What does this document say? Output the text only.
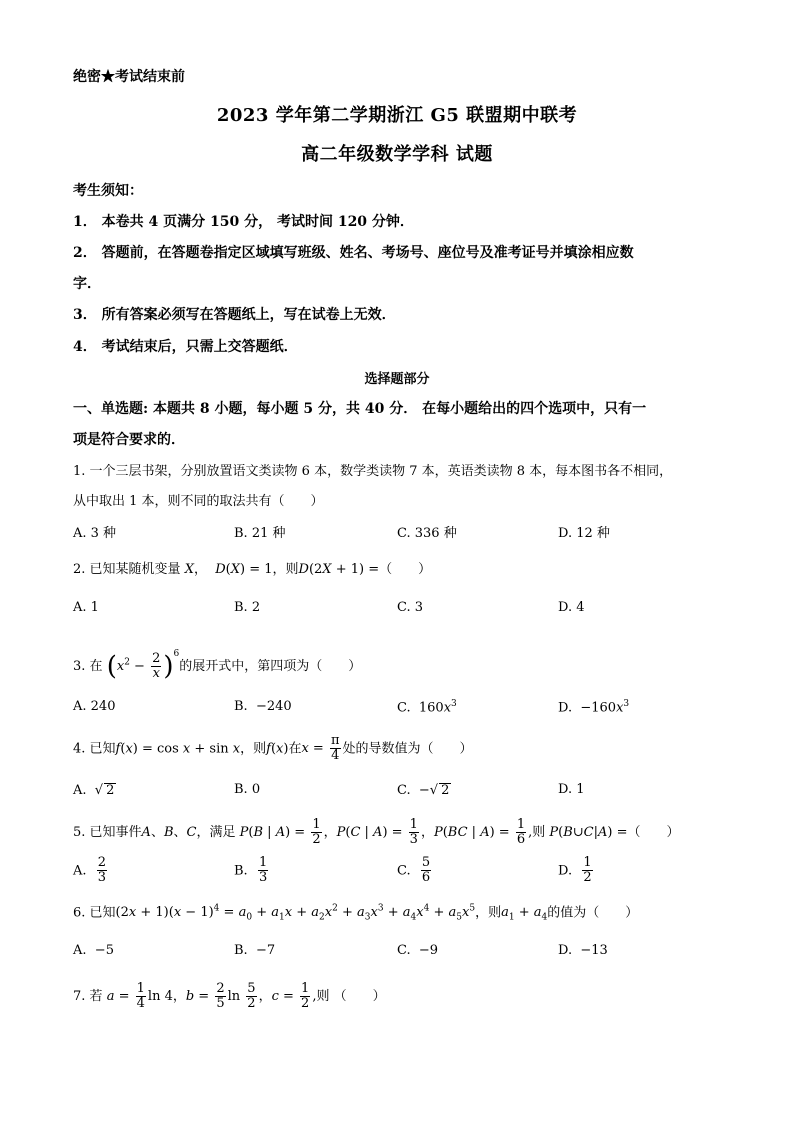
绝密★考试结束前
2023 学年第二学期浙江 G5 联盟期中联考
高二年级数学学科 试题
考生须知：
1． 本卷共 4 页满分 150 分， 考试时间 120 分钟．
2． 答题前，在答题卷指定区域填写班级、姓名、考场号、座位号及准考证号并填涂相应数
字．
3． 所有答案必须写在答题纸上，写在试卷上无效．
4． 考试结束后，只需上交答题纸．
选择题部分
一、单选题: 本题共 8 小题，每小题 5 分，共 40 分． 在每小题给出的四个选项中，只有一
项是符合要求的．
1. 一个三层书架，分别放置语文类读物 6 本，数学类读物 7 本，英语类读物 8 本，每本图书各不相同，
从中取出 1 本，则不同的取法共有（　　）
A. 3 种	B. 21 种	C. 336 种	D. 12 种
2. 已知某随机变量 X，  D(X) = 1，则D(2X + 1) =（　　）
A. 1	B. 2	C. 3	D. 4
3. 在 $(x^2 - \frac{2}{x} )^6$的展开式中，第四项为（　　）
A. 240	B.  −240	C.  $160x^3$	D.  $-160x^3$
4. 已知f(x) = cos x + sin x，则f(x)在$x = \frac{\pi}{4}$ 处的导数值为（　　）
A.  √ 2	B. 0	C.  −√ 2	D. 1
5. 已知事件A、B、C，满足 P(B | $A) = \frac{1}{2}$ ，P(C | $A) = \frac{1}{3}$ ，P(BC | $A) = \frac{1}{6}$ ,则 P(B∪C|A) =（　　）
A. $\frac{2}{3}$	B. $\frac{1}{3}$	C. $\frac{5}{6}$	D. $\frac{1}{2}$
6. 已知$(2x + 1)(x - 1)^4 = a_0 + a_1x + a_2x^2 + a_3x^3 + a_4x^4 + a_5x^5$，则$a_1 + a_4$的值为（　　）
A.  −5	B.  −7	C.  −9	D.  −13
7. 若 $a = \frac{1}{4}$ ln 4，$b = \frac{2}{5}$ $\ln \frac{5}{2}$ ，$c = \frac{1}{2}$ ,则 （　　）
